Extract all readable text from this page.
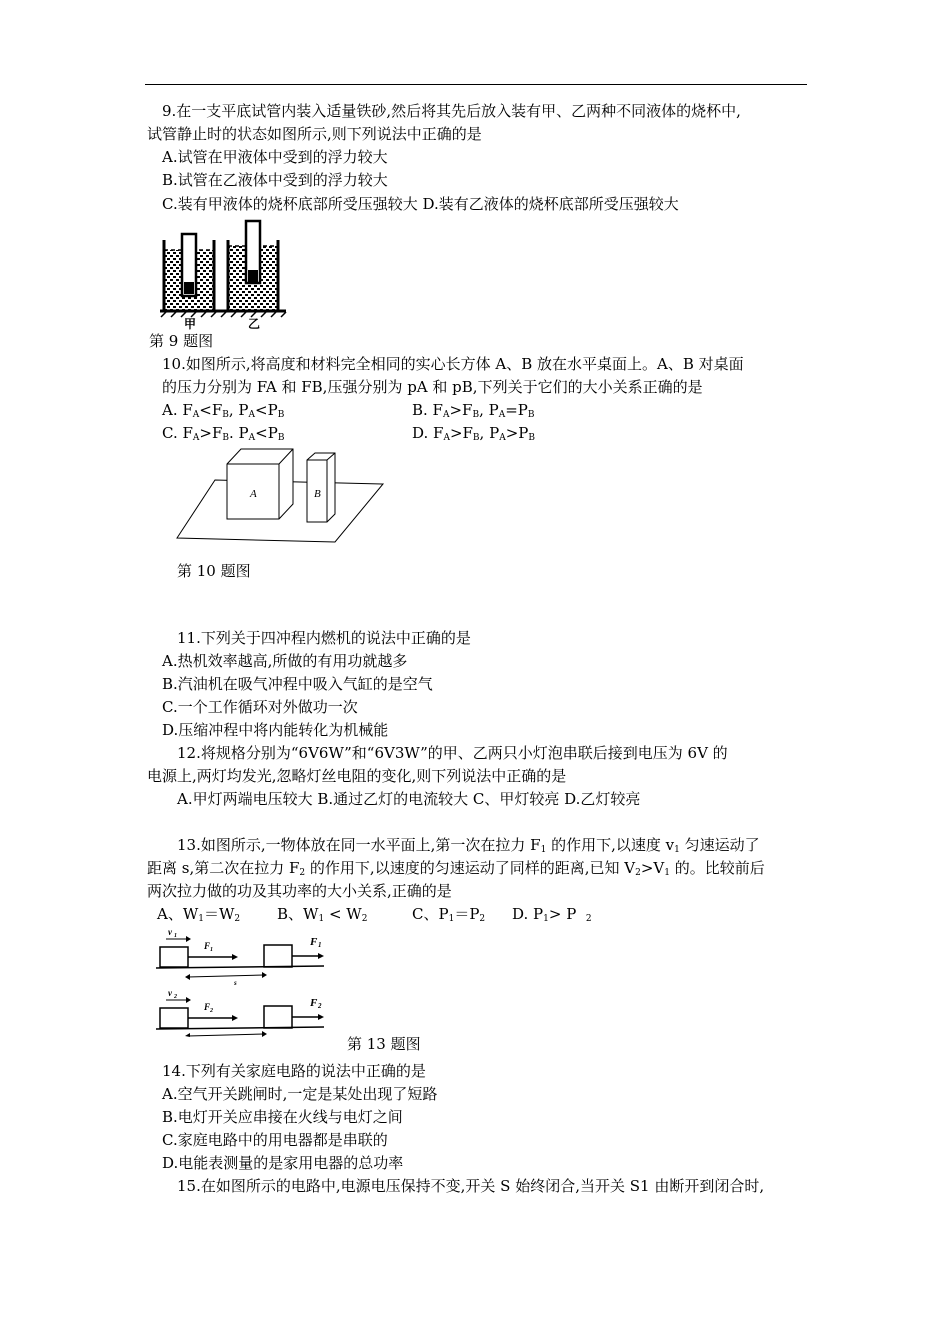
9.在一支平底试管内装入适量铁砂,然后将其先后放入装有甲、乙两种不同液体的烧杯中,
试管静止时的状态如图所示,则下列说法中正确的是
A.试管在甲液体中受到的浮力较大
B.试管在乙液体中受到的浮力较大
C.装有甲液体的烧杯底部所受压强较大 D.装有乙液体的烧杯底部所受压强较大
甲	乙
第 9 题图
10.如图所示,将高度和材料完全相同的实心长方体 A、B 放在水平桌面上。A、B 对桌面
的压力分别为 FA 和 FB,压强分别为 pA 和 pB,下列关于它们的大小关系正确的是
A. $F_A<F_B$, $P_A<P_B$	B. $F_A>F_B$, $P_A=P_B$
C. $F_A>F_B$. $P_A<P_B$	D. $F_A>F_B$, $P_A>P_B$
A	B
第 10 题图
11.下列关于四冲程内燃机的说法中正确的是
A.热机效率越高,所做的有用功就越多
B.汽油机在吸气冲程中吸入气缸的是空气
C.一个工作循环对外做功一次
D.压缩冲程中将内能转化为机械能
12.将规格分别为“6V6W”和“6V3W”的甲、乙两只小灯泡串联后接到电压为 6V 的
电源上,两灯均发光,忽略灯丝电阻的变化,则下列说法中正确的是
A.甲灯两端电压较大 B.通过乙灯的电流较大 C、甲灯较亮 D.乙灯较亮
13.如图所示,一物体放在同一水平面上,第一次在拉力 $F_1$ 的作用下,以速度 $v_1$ 匀速运动了
距离 s,第二次在拉力 $F_2$ 的作用下,以速度的匀速运动了同样的距离,已知 $V_2>V_1$ 的。比较前后
两次拉力做的功及其功率的大小关系,正确的是
A、$W_1=W_2$ B、$W_1 < W_2$	C、$P_1=P_2$ D. $P_1> P$  $_2$
v 1
F 1
F 1
s
v 2
F 2
F 2
第 13 题图
14.下列有关家庭电路的说法中正确的是
A.空气开关跳闸时,一定是某处出现了短路
B.电灯开关应串接在火线与电灯之间
C.家庭电路中的用电器都是串联的
D.电能表测量的是家用电器的总功率
15.在如图所示的电路中,电源电压保持不变,开关 S 始终闭合,当开关 S1 由断开到闭合时,
